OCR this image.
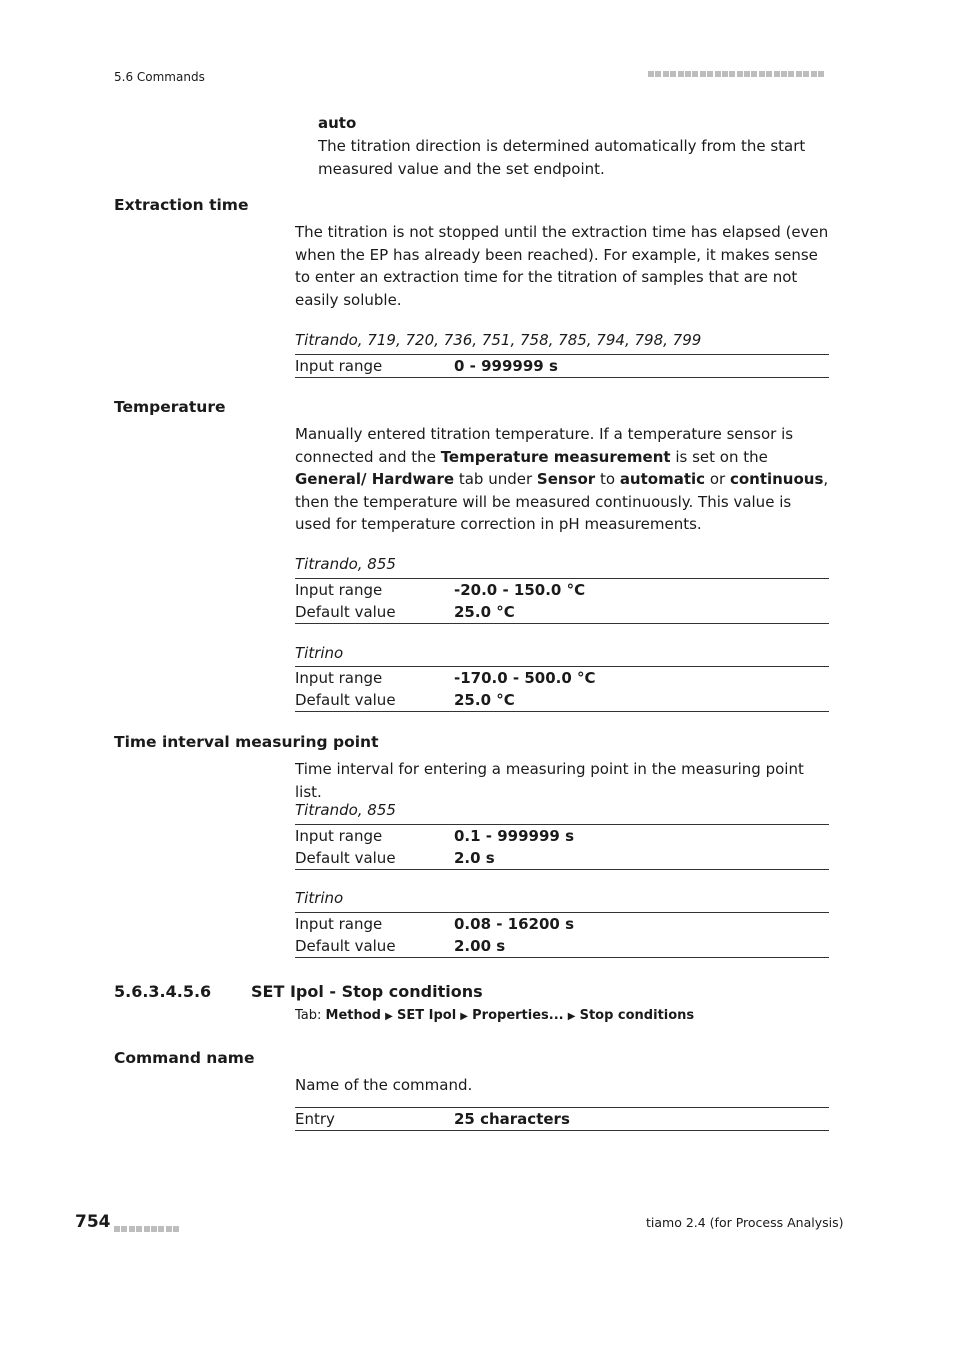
5.6 Commands
auto
The titration direction is determined automatically from the start measured value and the set endpoint.
Extraction time
The titration is not stopped until the extraction time has elapsed (even when the EP has already been reached). For example, it makes sense to enter an extraction time for the titration of samples that are not easily soluble.
Titrando, 719, 720, 736, 751, 758, 785, 794, 798, 799
Input range	0 - 999999 s
Temperature
Manually entered titration temperature. If a temperature sensor is connected and the Temperature measurement is set on the General/ Hardware tab under Sensor to automatic or continuous, then the temperature will be measured continuously. This value is used for temperature correction in pH measurements.
Titrando, 855
Input range	-20.0 - 150.0 °C
Default value	25.0 °C
Titrino
Input range	-170.0 - 500.0 °C
Default value	25.0 °C
Time interval measuring point
Time interval for entering a measuring point in the measuring point list.
Titrando, 855
Input range	0.1 - 999999 s
Default value	2.0 s
Titrino
Input range	0.08 - 16200 s
Default value	2.00 s
5.6.3.4.5.6 SET Ipol - Stop conditions
Tab: Method ▶ SET Ipol ▶ Properties... ▶ Stop conditions
Command name
Name of the command.
Entry	25 characters
754	tiamo 2.4 (for Process Analysis)
